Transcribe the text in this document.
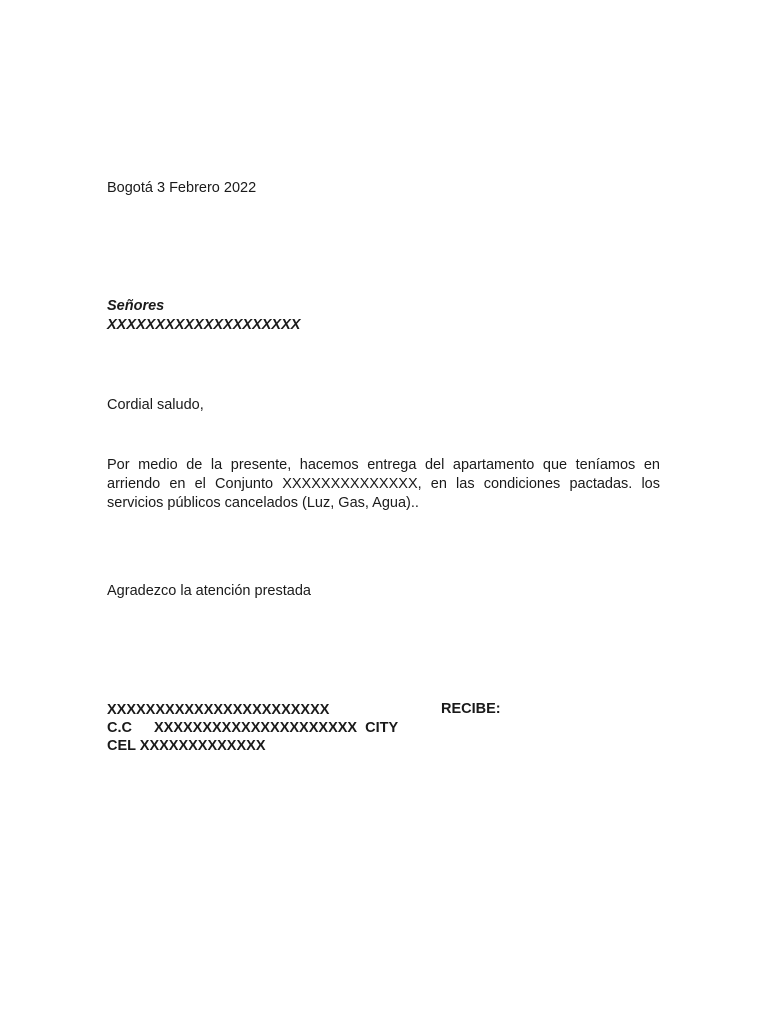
Bogotá 3 Febrero 2022
Señores
XXXXXXXXXXXXXXXXXXXX
Cordial saludo,
Por medio de la presente, hacemos entrega del apartamento que teníamos en arriendo en el Conjunto XXXXXXXXXXXXXX, en las condiciones pactadas. los servicios públicos cancelados (Luz, Gas, Agua)..
Agradezco la atención prestada
XXXXXXXXXXXXXXXXXXXXXXX
C.C XXXXXXXXXXXXXXXXXXXXX  CITY
CEL XXXXXXXXXXXXX
RECIBE:
